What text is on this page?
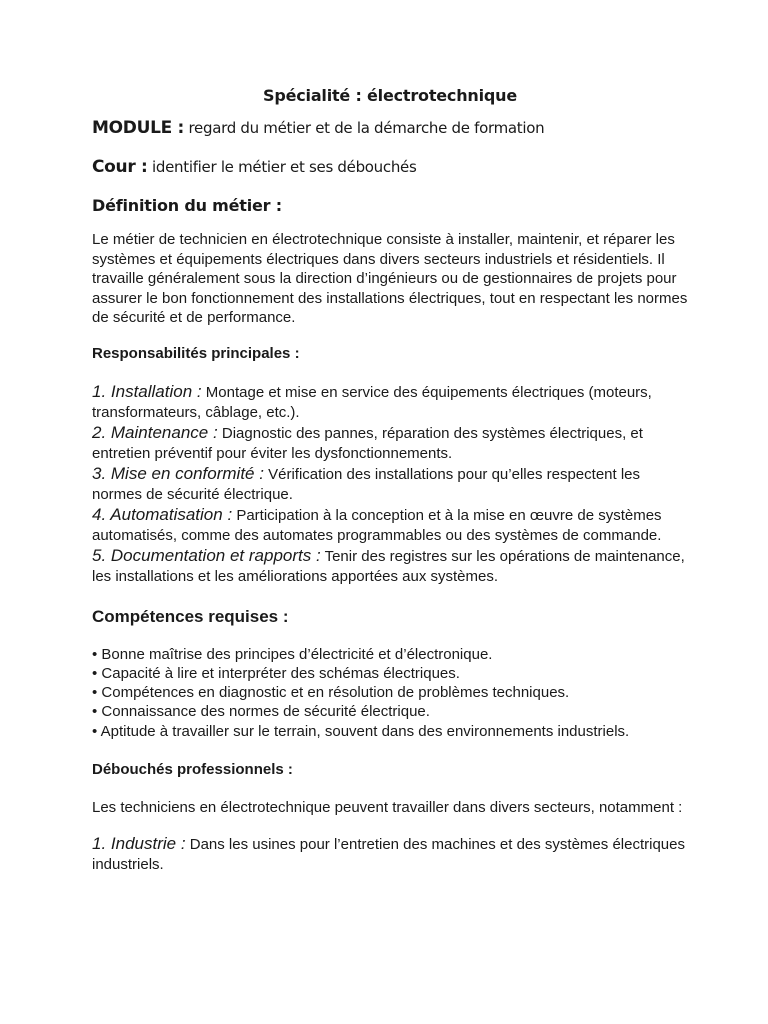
Spécialité : électrotechnique
MODULE : regard du métier et de la démarche de formation
Cour : identifier le métier et ses débouchés
Définition du métier :

Le métier de technicien en électrotechnique consiste à installer, maintenir, et réparer les systèmes et équipements électriques dans divers secteurs industriels et résidentiels. Il travaille généralement sous la direction d’ingénieurs ou de gestionnaires de projets pour assurer le bon fonctionnement des installations électriques, tout en respectant les normes de sécurité et de performance.

Responsabilités principales :

1. Installation : Montage et mise en service des équipements électriques (moteurs, transformateurs, câblage, etc.).

2. Maintenance : Diagnostic des pannes, réparation des systèmes électriques, et entretien préventif pour éviter les dysfonctionnements.

3. Mise en conformité : Vérification des installations pour qu’elles respectent les normes de sécurité électrique.

4. Automatisation : Participation à la conception et à la mise en œuvre de systèmes automatisés, comme des automates programmables ou des systèmes de commande.

5. Documentation et rapports : Tenir des registres sur les opérations de maintenance, les installations et les améliorations apportées aux systèmes.

Compétences requises :

• Bonne maîtrise des principes d’électricité et d’électronique.

• Capacité à lire et interpréter des schémas électriques.

• Compétences en diagnostic et en résolution de problèmes techniques.

• Connaissance des normes de sécurité électrique.

• Aptitude à travailler sur le terrain, souvent dans des environnements industriels.

Débouchés professionnels :

Les techniciens en électrotechnique peuvent travailler dans divers secteurs, notamment :

1. Industrie : Dans les usines pour l’entretien des machines et des systèmes électriques industriels.
